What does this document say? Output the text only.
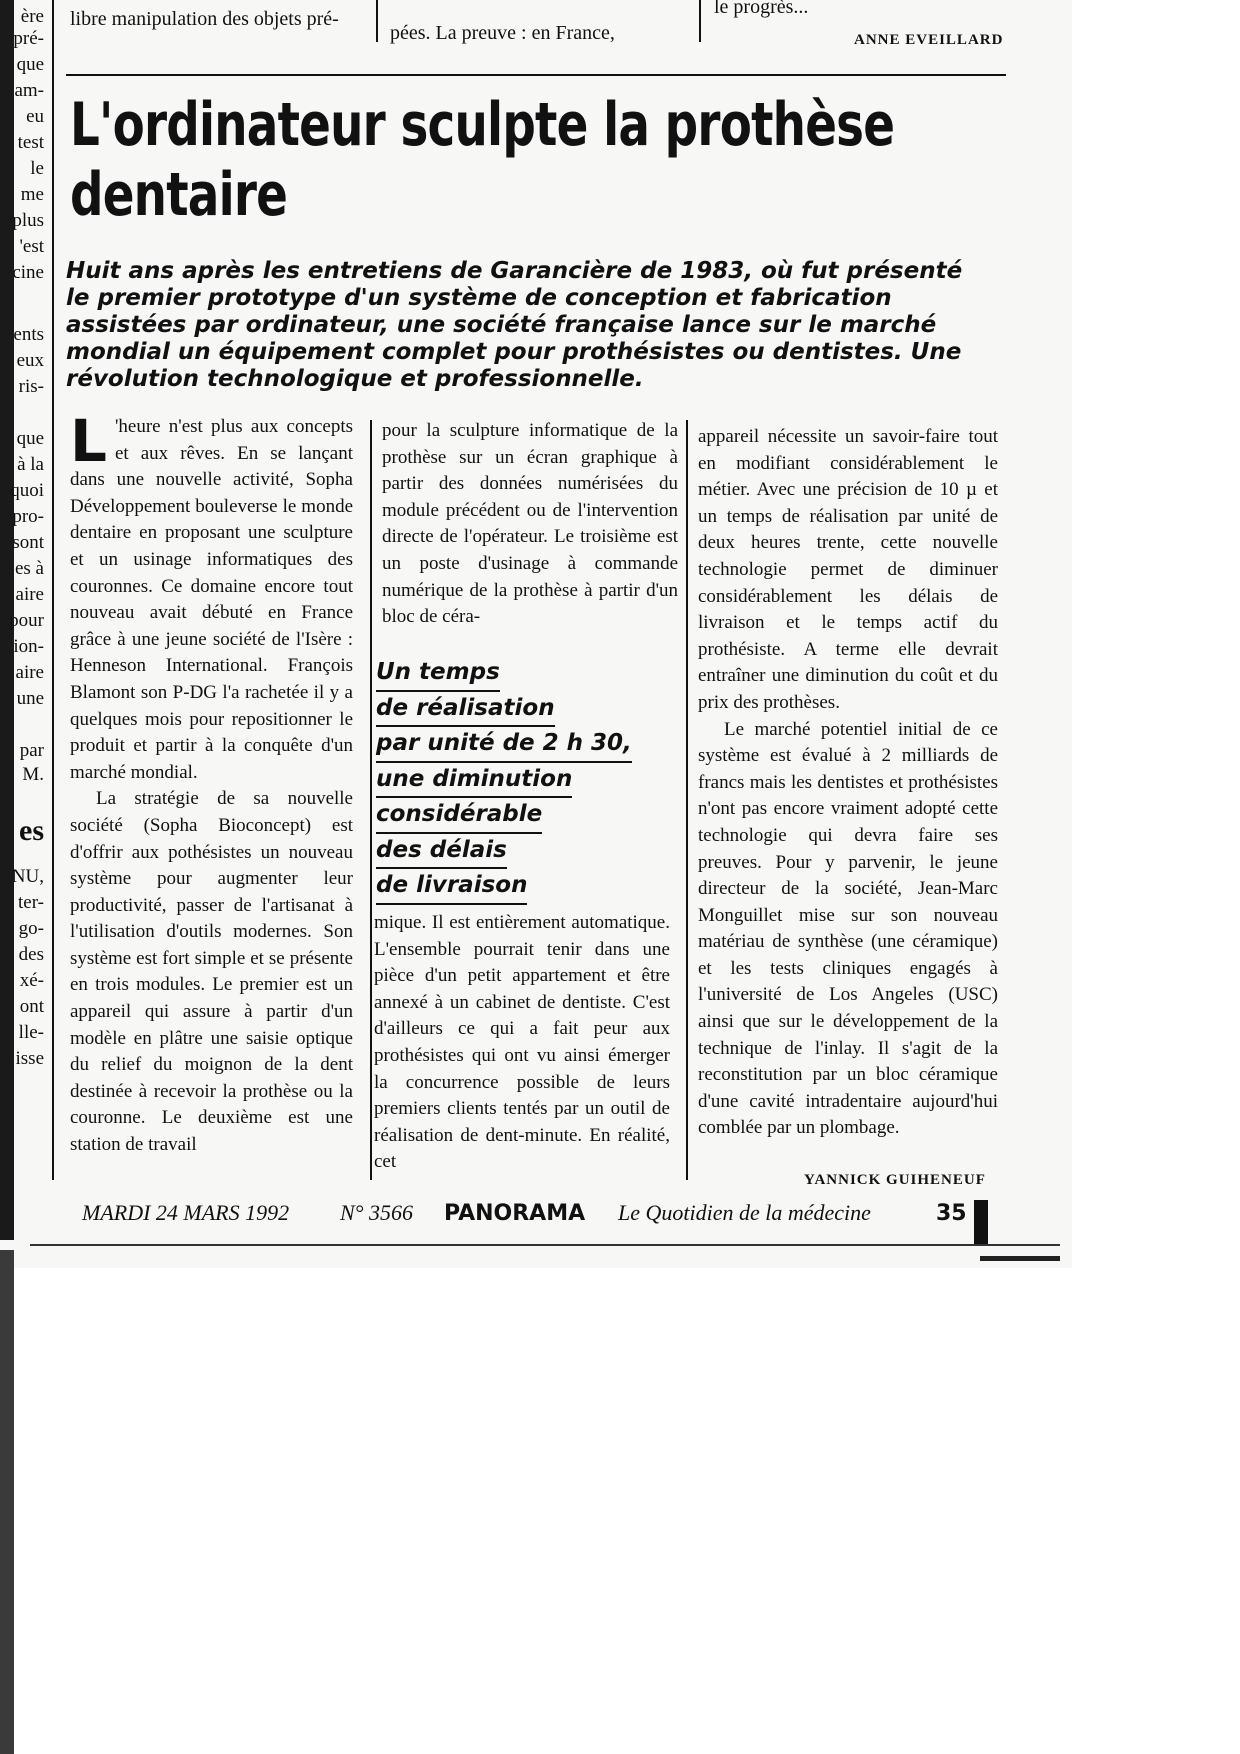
libre manipulation des objets pré-
pées. La preuve : en France,
le progrès...
ANNE EVEILLARD
ère
pré-
que
am-
eu
test
le
me
plus
'est
cine
ents
eux
ris-
que
à la
quoi
pro-
sont
es à
aire
pour
ion-
aire
une
par
M.
es
NU,
ter-
go-
des
xé-
ont
lle-
isse
L'ordinateur sculpte la prothèse
dentaire
Huit ans après les entretiens de Garancière de 1983, où fut présenté le premier prototype d'un système de conception et fabrication assistées par ordinateur, une société française lance sur le marché mondial un équipement complet pour prothésistes ou dentistes. Une révolution technologique et professionnelle.

L 'heure n'est plus aux concepts et aux rêves. En se lançant dans une nouvelle activité, Sopha Développement bouleverse le monde dentaire en proposant une sculpture et un usinage informatiques des couronnes. Ce domaine encore tout nouveau avait débuté en France grâce à une jeune société de l'Isère : Henneson International. François Blamont son P-DG l'a rachetée il y a quelques mois pour repositionner le produit et partir à la conquête d'un marché mondial.

La stratégie de sa nouvelle société (Sopha Bioconcept) est d'offrir aux pothésistes un nouveau système pour augmenter leur productivité, passer de l'artisanat à l'utilisation d'outils modernes. Son système est fort simple et se présente en trois modules. Le premier est un appareil qui assure à partir d'un modèle en plâtre une saisie optique du relief du moignon de la dent destinée à recevoir la prothèse ou la couronne. Le deuxième est une station de travail

pour la sculpture informatique de la prothèse sur un écran graphique à partir des données numérisées du module précédent ou de l'intervention directe de l'opérateur. Le troisième est un poste d'usinage à commande numérique de la prothèse à partir d'un bloc de céra-

Un temps
de réalisation
par unité de 2 h 30,
une diminution
considérable
des délais
de livraison

mique. Il est entièrement automatique. L'ensemble pourrait tenir dans une pièce d'un petit appartement et être annexé à un cabinet de dentiste. C'est d'ailleurs ce qui a fait peur aux prothésistes qui ont vu ainsi émerger la concurrence possible de leurs premiers clients tentés par un outil de réalisation de dent-minute. En réalité, cet

appareil nécessite un savoir-faire tout en modifiant considérablement le métier. Avec une précision de 10 µ et un temps de réalisation par unité de deux heures trente, cette nouvelle technologie permet de diminuer considérablement les délais de livraison et le temps actif du prothésiste. A terme elle devrait entraîner une diminution du coût et du prix des prothèses.

Le marché potentiel initial de ce système est évalué à 2 milliards de francs mais les dentistes et prothésistes n'ont pas encore vraiment adopté cette technologie qui devra faire ses preuves. Pour y parvenir, le jeune directeur de la société, Jean-Marc Monguillet mise sur son nouveau matériau de synthèse (une céramique) et les tests cliniques engagés à l'université de Los Angeles (USC) ainsi que sur le développement de la technique de l'inlay. Il s'agit de la reconstitution par un bloc céramique d'une cavité intradentaire aujourd'hui comblée par un plombage.

YANNICK GUIHENEUF
MARDI 24 MARS 1992 N° 3566 PANORAMA Le Quotidien de la médecine	35
